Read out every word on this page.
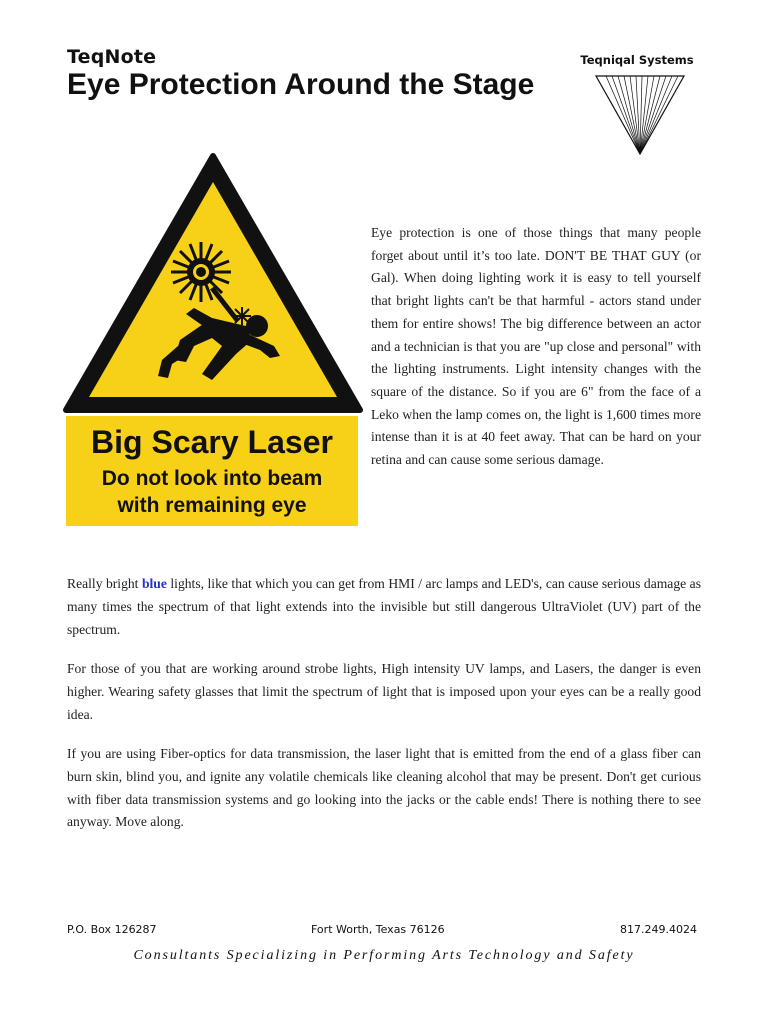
TeqNote
Eye Protection Around the Stage
Teqniqal Systems
Big Scary Laser
Do not look into beam
with remaining eye
Eye protection is one of those things that many people forget about until it’s too late. DON'T BE THAT GUY (or Gal). When doing lighting work it is easy to tell yourself that bright lights can't be that harmful - actors stand under them for entire shows! The big difference between an actor and a technician is that you are "up close and personal" with the lighting instruments. Light intensity changes with the square of the distance. So if you are 6" from the face of a Leko when the lamp comes on, the light is 1,600 times more intense than it is at 40 feet away. That can be hard on your retina and can cause some serious damage.
Really bright blue lights, like that which you can get from HMI / arc lamps and LED's, can cause serious damage as many times the spectrum of that light extends into the invisible but still dangerous UltraViolet (UV) part of the spectrum.
For those of you that are working around strobe lights, High intensity UV lamps, and Lasers, the danger is even higher. Wearing safety glasses that limit the spectrum of light that is imposed upon your eyes can be a really good idea.
If you are using Fiber-optics for data transmission, the laser light that is emitted from the end of a glass fiber can burn skin, blind you, and ignite any volatile chemicals like cleaning alcohol that may be present. Don't get curious with fiber data transmission systems and go looking into the jacks or the cable ends! There is nothing there to see anyway. Move along.
P.O. Box 126287	Fort Worth, Texas 76126	817.249.4024
Consultants Specializing in Performing Arts Technology and Safety
